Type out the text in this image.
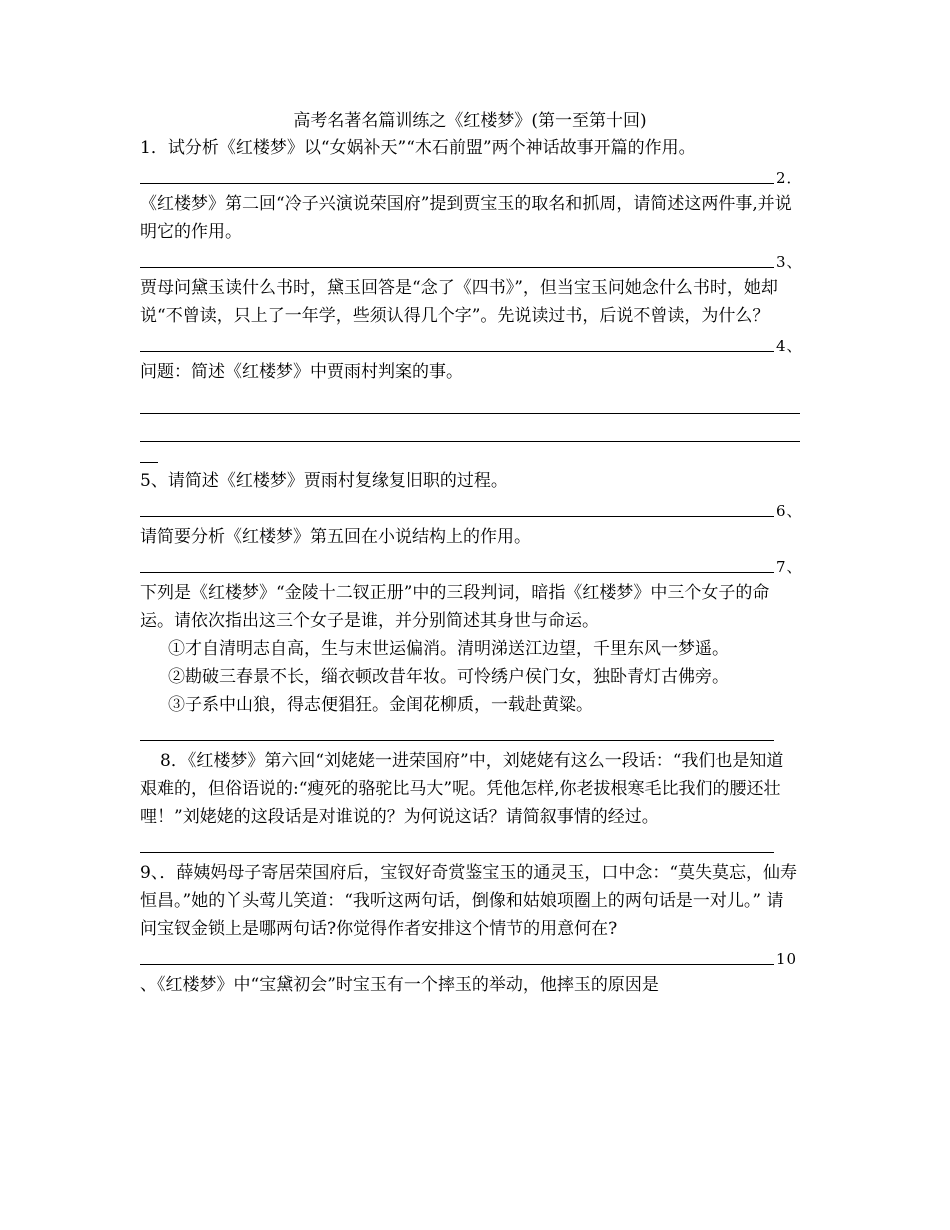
高考名著名篇训练之《红楼梦》(第一至第十回)

1．试分析《红楼梦》以“女娲补天”“木石前盟”两个神话故事开篇的作用。

2．

《红楼梦》第二回“冷子兴演说荣国府”提到贾宝玉的取名和抓周，请简述这两件事,并说明它的作用。

3、

贾母问黛玉读什么书时，黛玉回答是“念了《四书》”，但当宝玉问她念什么书时，她却说“不曾读，只上了一年学，些须认得几个字”。先说读过书，后说不曾读，为什么？

4、

问题：简述《红楼梦》中贾雨村判案的事。

5、请简述《红楼梦》贾雨村复缘复旧职的过程。

6、

请简要分析《红楼梦》第五回在小说结构上的作用。

7、

下列是《红楼梦》“金陵十二钗正册”中的三段判词，暗指《红楼梦》中三个女子的命运。请依次指出这三个女子是谁，并分别简述其身世与命运。

①才自清明志自高，生与末世运偏消。清明涕送江边望，千里东风一梦遥。

②勘破三春景不长，缁衣顿改昔年妆。可怜绣户侯门女，独卧青灯古佛旁。

③子系中山狼，得志便猖狂。金闺花柳质，一载赴黄粱。

8．《红楼梦》第六回“刘姥姥一进荣国府”中，刘姥姥有这么一段话：“我们也是知道艰难的，但俗语说的:“瘦死的骆驼比马大”呢。凭他怎样,你老拔根寒毛比我们的腰还壮哩！”刘姥姥的这段话是对谁说的？为何说这话？请简叙事情的经过。

9、．薛姨妈母子寄居荣国府后，宝钗好奇赏鉴宝玉的通灵玉，口中念：“莫失莫忘，仙寿恒昌。”她的丫头莺儿笑道：“我听这两句话，倒像和姑娘项圈上的两句话是一对儿。” 请问宝钗金锁上是哪两句话?你觉得作者安排这个情节的用意何在?

10

、《红楼梦》中“宝黛初会”时宝玉有一个摔玉的举动，他摔玉的原因是
